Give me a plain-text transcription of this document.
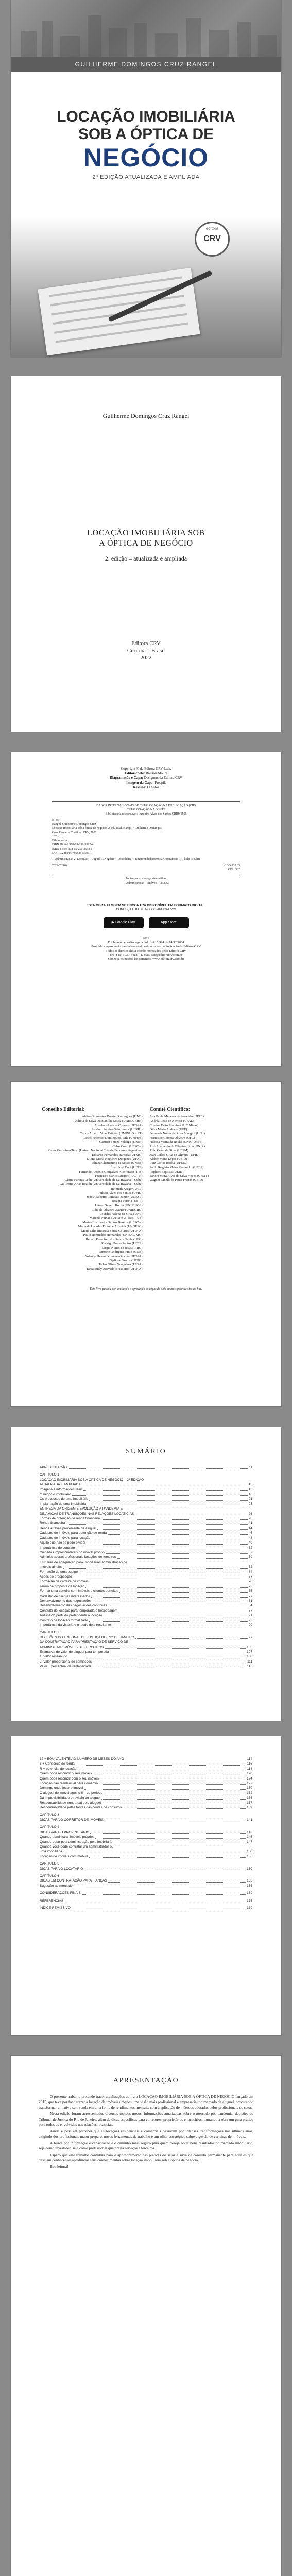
GUILHERME DOMINGOS CRUZ RANGEL
LOCAÇÃO IMOBILIÁRIA
SOB A ÓPTICA DE
NEGÓCIO
2ª EDIÇÃO ATUALIZADA E AMPLIADA
editora
CRV
Guilherme Domingos Cruz Rangel
LOCAÇÃO IMOBILIÁRIA SOB
A ÓPTICA DE NEGÓCIO
2. edição – atualizada e ampliada
Editora CRV
Curitiba – Brasil
2022
Copyright © da Editora CRV Ltda.
Editor-chefe: Railson Moura
Diagramação e Capa: Designers da Editora CRV
Imagem da Capa: Freepik
Revisão: O Autor
DADOS INTERNACIONAIS DE CATALOGAÇÃO NA PUBLICAÇÃO (CIP)
CATALOGAÇÃO NA FONTE
Bibliotecária responsável: Luzenira Alves dos Santos CRB9/1506
R185
Rangel, Guilherme Domingos Cruz
Locação imobiliária sob a óptica de negócio. 2. ed. atual. e ampl. / Guilherme Domingos
Cruz Rangel – Curitiba : CRV, 2022.
182 p.
Bibliografia
ISBN Digital 978-65-251-3592-4
ISBN Físico 978-65-251-3593-1
DOI 10.24824/978652513593.1
1. Administração 2. Locação – Aluguel 3. Negócio – Imobiliária 4. Empreendedorismo 5. Contratação 1. Título II. Série
2022-26946	CDD 333.33
CDU 332
Índice para catálogo sistemático
1. Administração – Imóveis – 333.33
ESTA OBRA TAMBÉM SE ENCONTRA DISPONÍVEL EM FORMATO DIGITAL.
CONHEÇA E BAIXE NOSSO APLICATIVO!
▶ Google Play	App Store
2022
Foi feito o depósito legal conf. Lei 10.994 de 14/12/2004
Proibida a reprodução parcial ou total desta obra sem autorização da Editora CRV
Todos os direitos desta edição reservados pela: Editora CRV
Tel.: (41) 3039-6418 – E-mail: sac@editoracrv.com.br
Conheça os nossos lançamentos: www.editoracrv.com.br
Conselho Editorial:
Aldira Guimarães Duarte Domínguez (UNB)
Andréia da Silva Quintanilha Sousa (UNIR/UFRN)
Anselmo Alencar Colares (UFOPA)
Antônio Pereira Gaio Júnior (UFRRJ)
Carlos Alberto Vilar Estêvão (UMINHO – PT)
Carlos Federico Dominguez Avila (Unieuro)
Carmen Tereza Velanga (UNIR)
Celso Conti (UFSCar)
Cesar Gerónimo Tello (Univer. Nacional Três de Febrero – Argentina)
Eduardo Fernandes Barbosa (UFMG)
Elione Maria Nogueira Diogenes (UFAL)
Elizeu Clementino de Souza (UNEB)
Élsio José Corá (UFFS)
Fernando Antônio Gonçalves Alcoforado (IPB)
Francisco Carlos Duarte (PUC-PR)
Gloria Fariñas León (Universidade de La Havana – Cuba)
Guillermo Arias Beatón (Universidade de La Havana – Cuba)
Helmuth Krüger (UCP)
Jailson Alves dos Santos (UFRJ)
João Adalberto Campato Junior (UNESP)
Josania Portela (UFPI)
Leonel Severo Rocha (UNISINOS)
Lídia de Oliveira Xavier (UNIEURO)
Lourdes Helena da Silva (UFV)
Marcelo Paixão (UFRJ e UTexas – US)
Maria Cristina dos Santos Bezerra (UFSCar)
Maria de Lourdes Pinto de Almeida (UNOESC)
Maria Lília Imbiriba Sousa Colares (UFOPA)
Paulo Romualdo Hernandes (UNIFAL-MG)
Renato Francisco dos Santos Paula (UFG)
Rodrigo Pratte-Santos (UFES)
Sérgio Nunes de Jesus (IFRO)
Simone Rodrigues Pinto (UNB)
Solange Helena Ximenes-Rocha (UFOPA)
Sydione Santos (UEPG)
Tadeu Oliver Gonçalves (UFPA)
Tania Suely Azevedo Brasileiro (UFOPA)
Comitê Científico:
Ana Paula Meneses de Azevedo (UFPE)
Andréa Leite de Alencar (UFAL)
Cristina Brito Moreira (PUC Minas)
Dilza Maria Andrade (UFF)
Fernanda Nunes da Rosa Mangini (UFU)
Francisco Correia Oliveira (UFC)
Heloisa Vieira da Rocha (UNICAMP)
José Aparecido de Oliveira Lima (UNIR)
Júlio César da Silva (UFSM)
Jean Carlos Silva de Oliveira (UFRJ)
Kleber Viana Lopes (UFRJ)
Luiz Carlos Rocha (UFMG)
Paulo Rogério Meira Menandro (UFES)
Raphael Baptista (UERJ)
Sandra Mara Alves da Silva Neves (UFMT)
Wagner Cinelli de Paula Freitas (UERJ)
Este livro passou por avaliação e aprovação às cegas de dois ou mais pareceristas ad hoc.
SUMÁRIO
APRESENTAÇÃO	11
CAPÍTULO 1
LOCAÇÃO IMOBILIÁRIA SOB A ÓPTICA DE NEGÓCIO – 2ª EDIÇÃO
ATUALIZADA E AMPLIADA	15
Imagens e informações reais	15
O negócio imobiliário	16
Os processos de uma imobiliária	21
Implantação de uma imobiliária	23
ENTREGA DA ORIGEM E EVOLUÇÃO À PANDEMIA E
DINÂMICAS DE TRANSIÇÕES NAS RELAÇÕES LOCATÍCIAS	26
Formas de obtenção de renda financeira	28
Renda financeira	41
Renda através proveniente de aluguel	44
Cadastro de imóveis para obtenção de renda	46
Cadastro de imóveis para locação	48
Aquilo que não se pode olvidar	49
Importância do contrato	52
Cuidados imprescindíveis no imóvel próprio	57
Administradoras profissionais locações de terceiros	59
Estrutura de adequação para imobiliárias administração de
imóveis alheios	62
Formação de uma equipe	64
Ações de prospecção	67
Formação de carteira de imóveis	70
Termo de proposta de locação	73
Formar uma carteira com imóveis e clientes perfeitos	75
Cadastro de clientes interessados	77
Desenvolvimento das negociações	81
Desenvolvimento das negociações contínuas	84
Consulta de locação para temporada e hospedagem	87
Análise do perfil do pretendente à locação	91
Contrato de locação formalizado	93
Importância da vistoria e o laudo dela resultante	99
CAPÍTULO 2
DECISÕES DO TRIBUNAL DE JUSTIÇA DO RIO DE JANEIRO	97
DA CONTRATAÇÃO PARA PRESTAÇÃO DE SERVIÇO DE
ADMINISTRAR IMÓVEIS DE TERCEIROS	105
Estimativa de valor de aluguel para temporada	107
1. Valor ressarcido	108
2. Valor proporcional de comissões	111
Valor + percentual de rentabilidade	113
12 + EQUIVALENTE AO NÚMERO DE MESES DO ANO	114
6 + Consórcio de renda	116
R = potencial de locação	118
Quem pode rescindir o seu imóvel?	120
Quem pode rescindir com o seu imóvel?	124
Locação não residencial para comércio	127
Domingo onde locar o imóvel	130
O aluguel do imóvel após o fim do período	132
Da imprevisibilidade e revisão do aluguel	135
Responsabilidade contratual pelo aluguel	137
Responsabilidade pelas tarifas das contas de consumo	139
CAPÍTULO 3
DICAS PARA O CORRETOR DE IMÓVEIS	141
CAPÍTULO 4
DICAS PARA O PROPRIETÁRIO	143
Quando administrar imóveis próprios	145
Quando optar pela administração pela imobiliária	147
Quando você pode contratar um administrador ou
uma imobiliária	150
Locação de imóveis com mobília	156
CAPÍTULO 5
DICAS PARA O LOCATÁRIO	160
CAPÍTULO 6
DICAS EM CONTRATAÇÃO PARA FIANÇAS	163
Sugestão ao mercado	166
CONSIDERAÇÕES FINAIS	169
REFERÊNCIAS	175
ÍNDICE REMISSIVO	179
APRESENTAÇÃO

O presente trabalho pretende trazer atualizações ao livro LOCAÇÃO IMOBILIÁRIA SOB A ÓPTICA DE NEGÓCIO lançado em 2015, que teve por foco trazer à locação de imóveis urbanos uma visão mais profissional e empresarial do mercado de aluguel, procurando transformar um ativo sem renda em uma fonte de rendimentos mensais, com a aplicação de métodos adotados pelos profissionais do setor.

Nesta edição foram acrescentados diversos tópicos novos, informações atualizadas sobre o mercado pós-pandemia, decisões do Tribunal de Justiça do Rio de Janeiro, além de dicas específicas para corretores, proprietários e locatários, tornando a obra um guia prático para todos os envolvidos nas relações locatícias.

Ainda é possível perceber que as locações residenciais e comerciais passaram por intensas transformações nos últimos anos, exigindo dos profissionais maior preparo, novas ferramentas de trabalho e um olhar estratégico sobre a gestão de carteiras de imóveis.

A busca por informação e capacitação é o caminho mais seguro para quem deseja obter bons resultados no mercado imobiliário, seja como investidor, seja como profissional que presta serviços a terceiros.

Espero que este trabalho contribua para o aprimoramento das práticas do setor e sirva de consulta permanente para aqueles que desejam conhecer ou aprofundar seus conhecimentos sobre locação imobiliária sob a óptica de negócio.

Boa leitura!
